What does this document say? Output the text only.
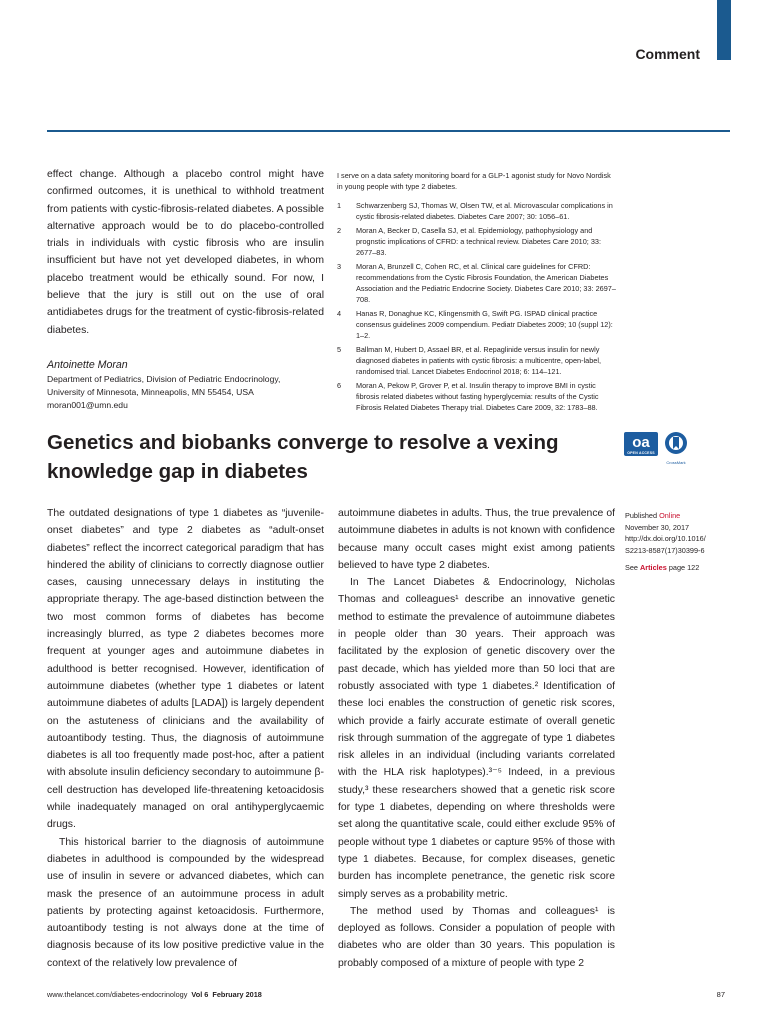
Comment

effect change. Although a placebo control might have confirmed outcomes, it is unethical to withhold treatment from patients with cystic-fibrosis-related diabetes. A possible alternative approach would be to do placebo-controlled trials in individuals with cystic fibrosis who are insulin insufficient but have not yet developed diabetes, in whom placebo treatment would be ethically sound. For now, I believe that the jury is still out on the use of oral antidiabetes drugs for the treatment of cystic-fibrosis-related diabetes.

Antoinette Moran
Department of Pediatrics, Division of Pediatric Endocrinology,
University of Minnesota, Minneapolis, MN 55454, USA
moran001@umn.edu
I serve on a data safety monitoring board for a GLP-1 agonist study for Novo Nordisk in young people with type 2 diabetes.
1 Schwarzenberg SJ, Thomas W, Olsen TW, et al. Microvascular complications in cystic fibrosis-related diabetes. Diabetes Care 2007; 30: 1056–61.
2 Moran A, Becker D, Casella SJ, et al. Epidemiology, pathophysiology and prognstic implications of CFRD: a technical review. Diabetes Care 2010; 33: 2677–83.
3 Moran A, Brunzell C, Cohen RC, et al. Clinical care guidelines for CFRD: recommendations from the Cystic Fibrosis Foundation, the American Diabetes Association and the Pediatric Endocrine Society. Diabetes Care 2010; 33: 2697–708.
4 Hanas R, Donaghue KC, Klingensmith G, Swift PG. ISPAD clinical practice consensus guidelines 2009 compendium. Pediatr Diabetes 2009; 10 (suppl 12): 1–2.
5 Ballman M, Hubert D, Assael BR, et al. Repaglinide versus insulin for newly diagnosed diabetes in patients with cystic fibrosis: a multicentre, open-label, randomised trial. Lancet Diabetes Endocrinol 2018; 6: 114–121.
6 Moran A, Pekow P, Grover P, et al. Insulin therapy to improve BMI in cystic fibrosis related diabetes without fasting hyperglycemia: results of the Cystic Fibrosis Related Diabetes Therapy trial. Diabetes Care 2009, 32: 1783–88.
Genetics and biobanks converge to resolve a vexing knowledge gap in diabetes
oa
OPEN ACCESS
CrossMark

The outdated designations of type 1 diabetes as “juvenile-onset diabetes” and type 2 diabetes as “adult-onset diabetes” reflect the incorrect categorical paradigm that has hindered the ability of clinicians to correctly diagnose outlier cases, causing unnecessary delays in instituting the appropriate therapy. The age-based distinction between the two most common forms of diabetes has become increasingly blurred, as type 2 diabetes becomes more frequent at younger ages and autoimmune diabetes in adulthood is better recognised. However, identification of autoimmune diabetes (whether type 1 diabetes or latent autoimmune diabetes of adults [LADA]) is largely dependent on the astuteness of clinicians and the availability of autoantibody testing. Thus, the diagnosis of autoimmune diabetes is all too frequently made post-hoc, after a patient with absolute insulin deficiency secondary to autoimmune β-cell destruction has developed life-threatening ketoacidosis while inadequately managed on oral antihyperglycaemic drugs.

This historical barrier to the diagnosis of autoimmune diabetes in adulthood is compounded by the widespread use of insulin in severe or advanced diabetes, which can mask the presence of an autoimmune process in adult patients by protecting against ketoacidosis. Furthermore, autoantibody testing is not always done at the time of diagnosis because of its low positive predictive value in the context of the relatively low prevalence of

autoimmune diabetes in adults. Thus, the true prevalence of autoimmune diabetes in adults is not known with confidence because many occult cases might exist among patients believed to have type 2 diabetes.

In The Lancet Diabetes & Endocrinology, Nicholas Thomas and colleagues¹ describe an innovative genetic method to estimate the prevalence of autoimmune diabetes in people older than 30 years. Their approach was facilitated by the explosion of genetic discovery over the past decade, which has yielded more than 50 loci that are robustly associated with type 1 diabetes.² Identification of these loci enables the construction of genetic risk scores, which provide a fairly accurate estimate of overall genetic risk through summation of the aggregate of type 1 diabetes risk alleles in an individual (including variants correlated with the HLA risk haplotypes).³⁻⁵ Indeed, in a previous study,³ these researchers showed that a genetic risk score for type 1 diabetes, depending on where thresholds were set along the quantitative scale, could either exclude 95% of people without type 1 diabetes or capture 95% of those with type 1 diabetes. Because, for complex diseases, genetic burden has incomplete penetrance, the genetic risk score simply serves as a probability metric.

The method used by Thomas and colleagues¹ is deployed as follows. Consider a population of people with diabetes who are older than 30 years. This population is probably composed of a mixture of people with type 2

Published Online
November 30, 2017
http://dx.doi.org/10.1016/ S2213-8587(17)30399-6
See Articles page 122
www.thelancet.com/diabetes-endocrinology Vol 6 February 2018	87
